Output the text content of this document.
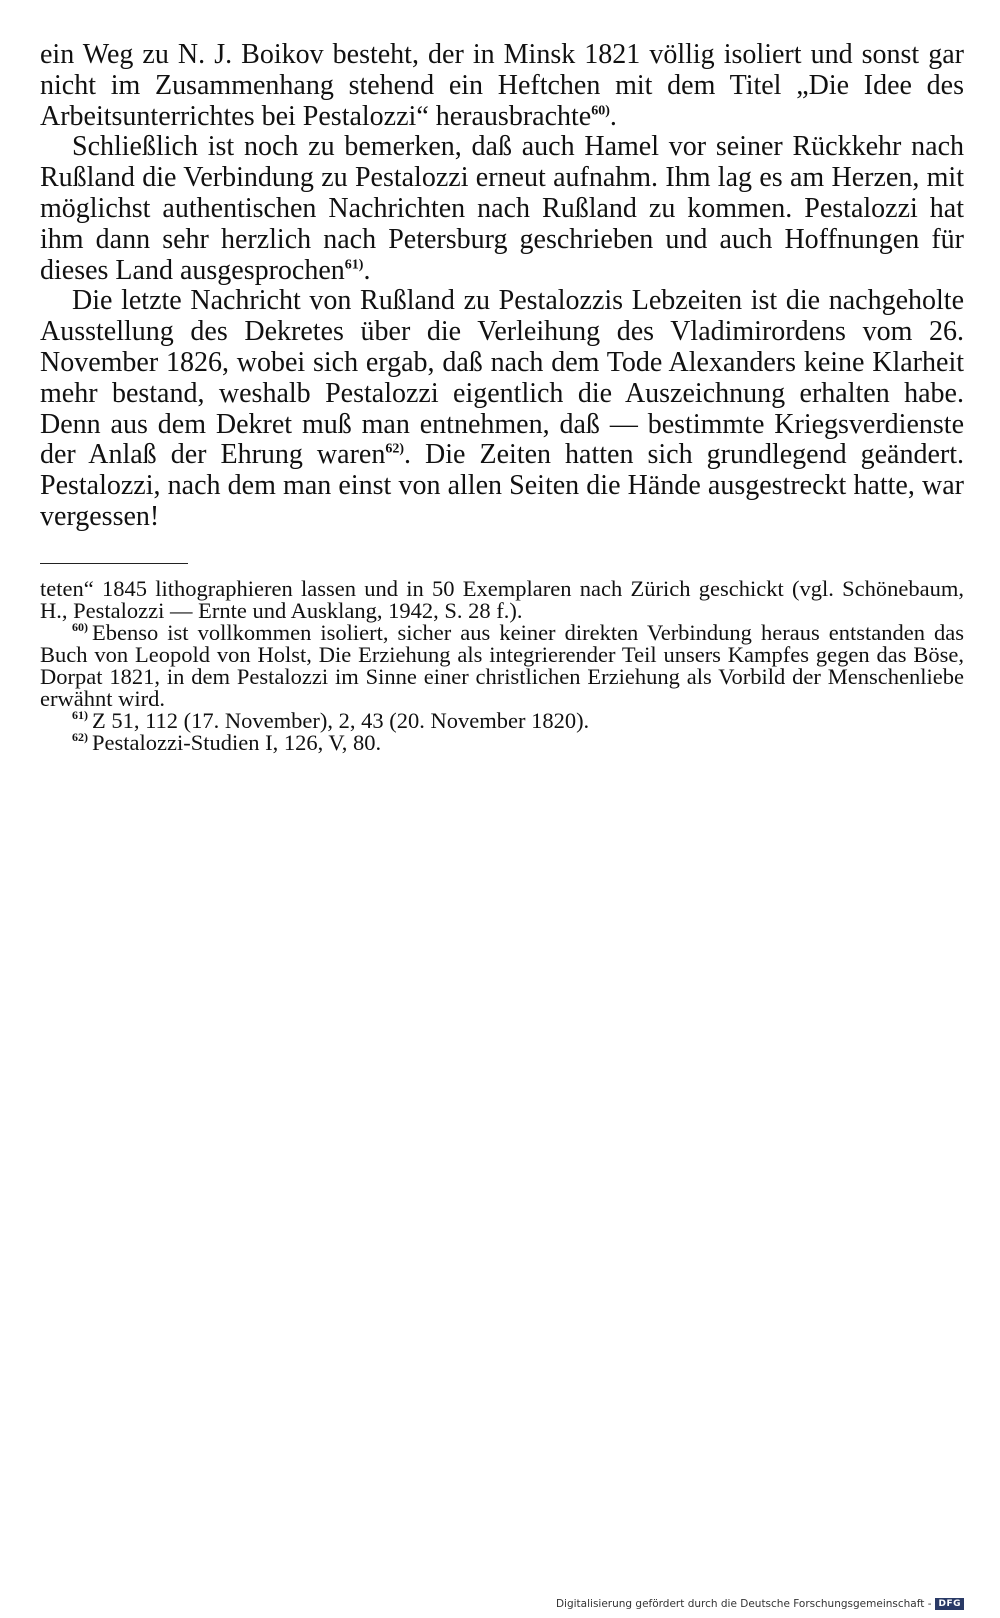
ein Weg zu N. J. Boikov besteht, der in Minsk 1821 völlig isoliert und sonst gar nicht im Zusammenhang stehend ein Heftchen mit dem Titel „Die Idee des Arbeitsunterrichtes bei Pestalozzi“ herausbrachte$^{60)}$.

Schließlich ist noch zu bemerken, daß auch Hamel vor seiner Rückkehr nach Rußland die Verbindung zu Pestalozzi erneut aufnahm. Ihm lag es am Herzen, mit möglichst authentischen Nachrichten nach Rußland zu kommen. Pestalozzi hat ihm dann sehr herzlich nach Petersburg geschrieben und auch Hoffnungen für dieses Land ausgesprochen$^{61)}$.

Die letzte Nachricht von Rußland zu Pestalozzis Lebzeiten ist die nachgeholte Ausstellung des Dekretes über die Verleihung des Vladimirordens vom 26. November 1826, wobei sich ergab, daß nach dem Tode Alexanders keine Klarheit mehr bestand, weshalb Pestalozzi eigentlich die Auszeichnung erhalten habe. Denn aus dem Dekret muß man entnehmen, daß — bestimmte Kriegsverdienste der Anlaß der Ehrung waren$^{62)}$. Die Zeiten hatten sich grundlegend geändert. Pestalozzi, nach dem man einst von allen Seiten die Hände ausgestreckt hatte, war vergessen!

teten“ 1845 lithographieren lassen und in 50 Exemplaren nach Zürich geschickt (vgl. Schönebaum, H., Pestalozzi — Ernte und Ausklang, 1942, S. 28 f.).

$^{60)}$ Ebenso ist vollkommen isoliert, sicher aus keiner direkten Verbindung heraus entstanden das Buch von Leopold von Holst, Die Erziehung als integrierender Teil unsers Kampfes gegen das Böse, Dorpat 1821, in dem Pestalozzi im Sinne einer christlichen Erziehung als Vorbild der Menschenliebe erwähnt wird.

$^{61)}$ Z 51, 112 (17. November), 2, 43 (20. November 1820).

$^{62)}$ Pestalozzi-Studien I, 126, V, 80.

Digitalisierung gefördert durch die Deutsche Forschungsgemeinschaft - DFG
